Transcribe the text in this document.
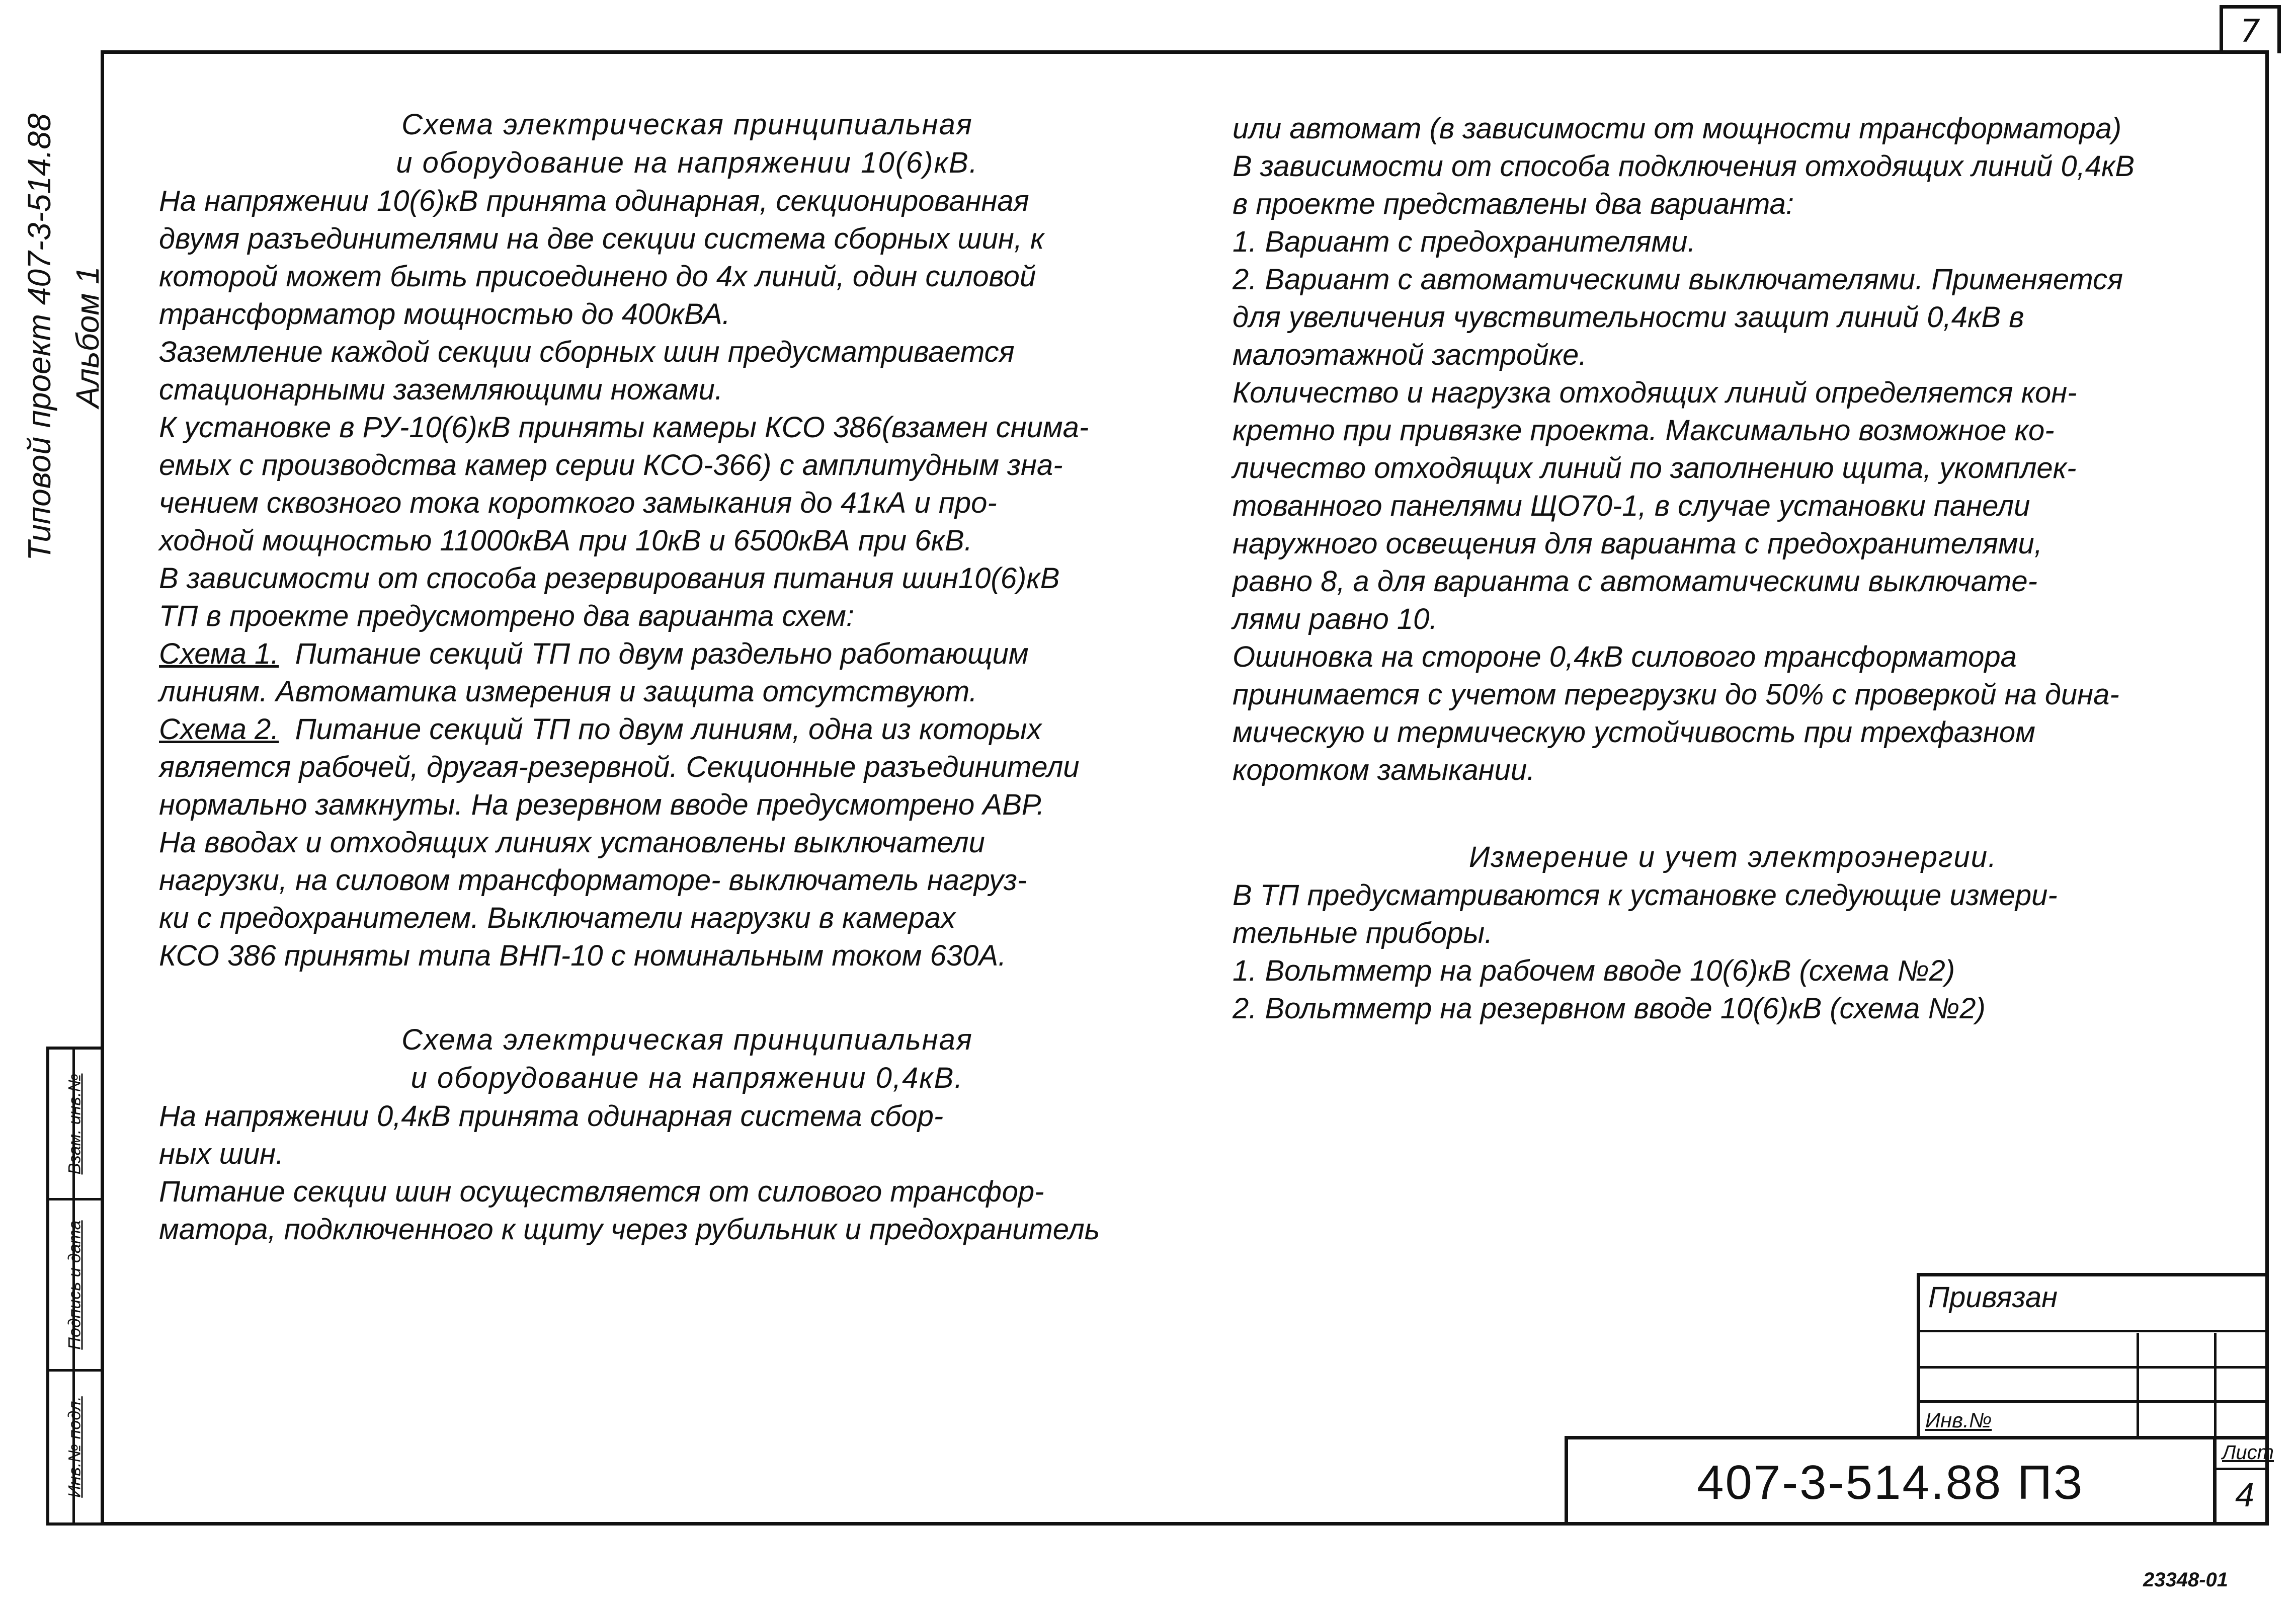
7
Типовой проект 407-3-514.88 Альбом 1
Взам. инв.№
Подпись и дата
Инв.№ подл.
Схема электрическая принципиальная
и оборудование на напряжении 10(6)кВ.
На напряжении 10(6)кВ принята одинарная, секционированная
двумя разъединителями на две секции система сборных шин, к
которой может быть присоединено до 4х линий, один силовой
трансформатор мощностью до 400кВА.
Заземление каждой секции сборных шин предусматривается
стационарными заземляющими ножами.
К установке в РУ-10(6)кВ приняты камеры КСО 386(взамен снима-
емых с производства камер серии КСО-366) с амплитудным зна-
чением сквозного тока короткого замыкания до 41кА и про-
ходной мощностью 11000кВА при 10кВ и 6500кВА при 6кВ.
В зависимости от способа резервирования питания шин10(6)кВ
ТП в проекте предусмотрено два варианта схем:
Схема 1. Питание секций ТП по двум раздельно работающим
линиям. Автоматика измерения и защита отсутствуют.
Схема 2. Питание секций ТП по двум линиям, одна из которых
является рабочей, другая-резервной. Секционные разъединители
нормально замкнуты. На резервном вводе предусмотрено АВР.
На вводах и отходящих линиях установлены выключатели
нагрузки, на силовом трансформаторе- выключатель нагруз-
ки с предохранителем. Выключатели нагрузки в камерах
КСО 386 приняты типа ВНП-10 с номинальным током 630А.
Схема электрическая принципиальная
и оборудование на напряжении 0,4кВ.
На напряжении 0,4кВ принята одинарная система сбор-
ных шин.
Питание секции шин осуществляется от силового трансфор-
матора, подключенного к щиту через рубильник и предохранитель
или автомат (в зависимости от мощности трансформатора)
В зависимости от способа подключения отходящих линий 0,4кВ
в проекте представлены два варианта:
1. Вариант с предохранителями.
2. Вариант с автоматическими выключателями. Применяется
для увеличения чувствительности защит линий 0,4кВ в
малоэтажной застройке.
Количество и нагрузка отходящих линий определяется кон-
кретно при привязке проекта. Максимально возможное ко-
личество отходящих линий по заполнению щита, укомплек-
тованного панелями ЩО70-1, в случае установки панели
наружного освещения для варианта с предохранителями,
равно 8, а для варианта с автоматическими выключате-
лями равно 10.
Ошиновка на стороне 0,4кВ силового трансформатора
принимается с учетом перегрузки до 50% с проверкой на дина-
мическую и термическую устойчивость при трехфазном
коротком замыкании.
Измерение и учет электроэнергии.
В ТП предусматриваются к установке следующие измери-
тельные приборы.
1. Вольтметр на рабочем вводе 10(6)кВ (схема №2)
2. Вольтметр на резервном вводе 10(6)кВ (схема №2)
Привязан
Инв.№
407-3-514.88 ПЗ
Лист
4
23348-01
